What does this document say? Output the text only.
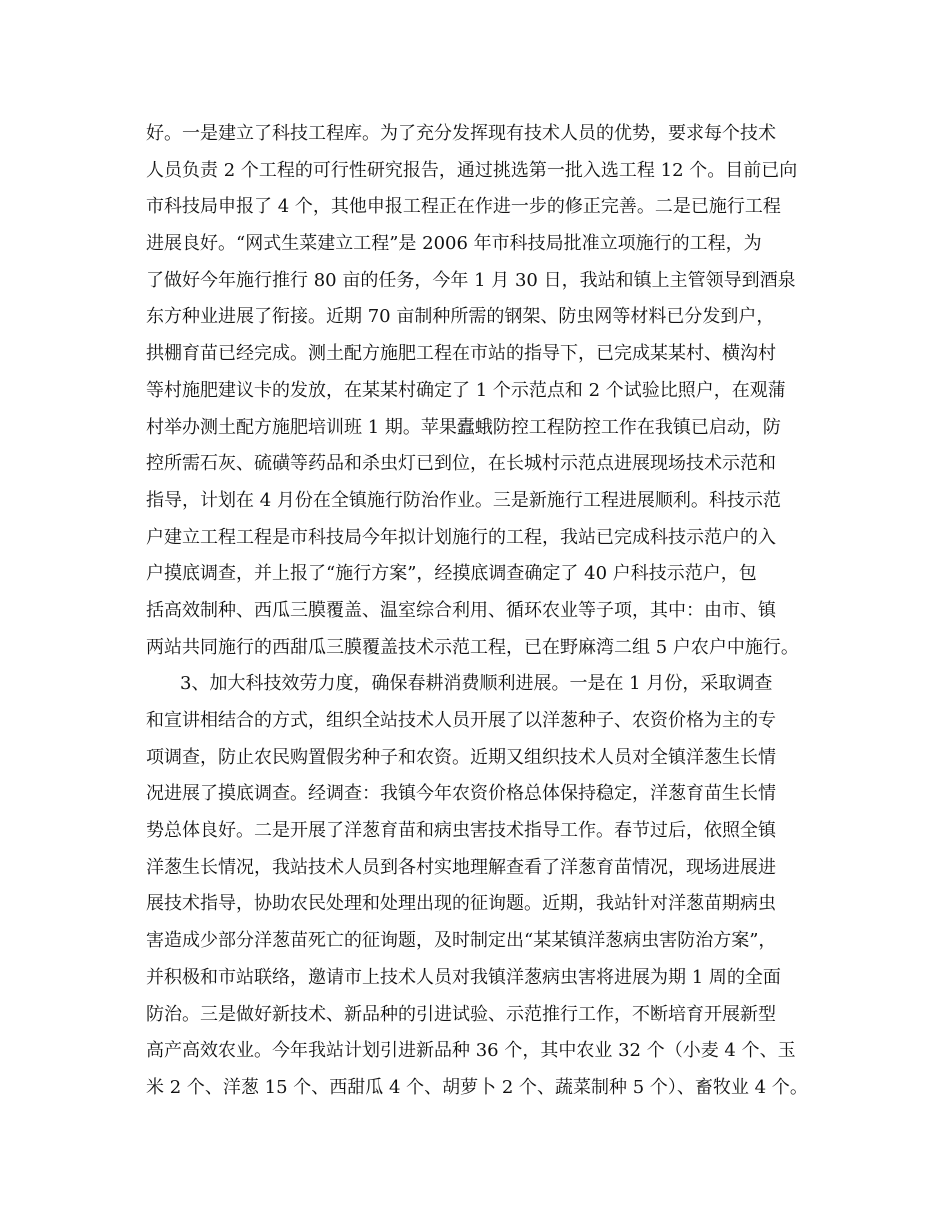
好。一是建立了科技工程库。为了充分发挥现有技术人员的优势，要求每个技术
人员负责 2 个工程的可行性研究报告，通过挑选第一批入选工程 12 个。目前已向
市科技局申报了 4 个，其他申报工程正在作进一步的修正完善。二是已施行工程
进展良好。“网式生菜建立工程”是 2006 年市科技局批准立项施行的工程，为
了做好今年施行推行 80 亩的任务，今年 1 月 30 日，我站和镇上主管领导到酒泉
东方种业进展了衔接。近期 70 亩制种所需的钢架、防虫网等材料已分发到户，
拱棚育苗已经完成。测土配方施肥工程在市站的指导下，已完成某某村、横沟村
等村施肥建议卡的发放，在某某村确定了 1 个示范点和 2 个试验比照户，在观蒲
村举办测土配方施肥培训班 1 期。苹果蠹蛾防控工程防控工作在我镇已启动，防
控所需石灰、硫磺等药品和杀虫灯已到位，在长城村示范点进展现场技术示范和
指导，计划在 4 月份在全镇施行防治作业。三是新施行工程进展顺利。科技示范
户建立工程工程是市科技局今年拟计划施行的工程，我站已完成科技示范户的入
户摸底调查，并上报了“施行方案”，经摸底调查确定了 40 户科技示范户，包
括高效制种、西瓜三膜覆盖、温室综合利用、循环农业等子项，其中：由市、镇
两站共同施行的西甜瓜三膜覆盖技术示范工程，已在野麻湾二组 5 户农户中施行。
3、加大科技效劳力度，确保春耕消费顺利进展。一是在 1 月份，采取调查
和宣讲相结合的方式，组织全站技术人员开展了以洋葱种子、农资价格为主的专
项调查，防止农民购置假劣种子和农资。近期又组织技术人员对全镇洋葱生长情
况进展了摸底调查。经调查：我镇今年农资价格总体保持稳定，洋葱育苗生长情
势总体良好。二是开展了洋葱育苗和病虫害技术指导工作。春节过后，依照全镇
洋葱生长情况，我站技术人员到各村实地理解查看了洋葱育苗情况，现场进展进
展技术指导，协助农民处理和处理出现的征询题。近期，我站针对洋葱苗期病虫
害造成少部分洋葱苗死亡的征询题，及时制定出“某某镇洋葱病虫害防治方案”，
并积极和市站联络，邀请市上技术人员对我镇洋葱病虫害将进展为期 1 周的全面
防治。三是做好新技术、新品种的引进试验、示范推行工作，不断培育开展新型
高产高效农业。今年我站计划引进新品种 36 个，其中农业 32 个（小麦 4 个、玉
米 2 个、洋葱 15 个、西甜瓜 4 个、胡萝卜 2 个、蔬菜制种 5 个）、畜牧业 4 个。
